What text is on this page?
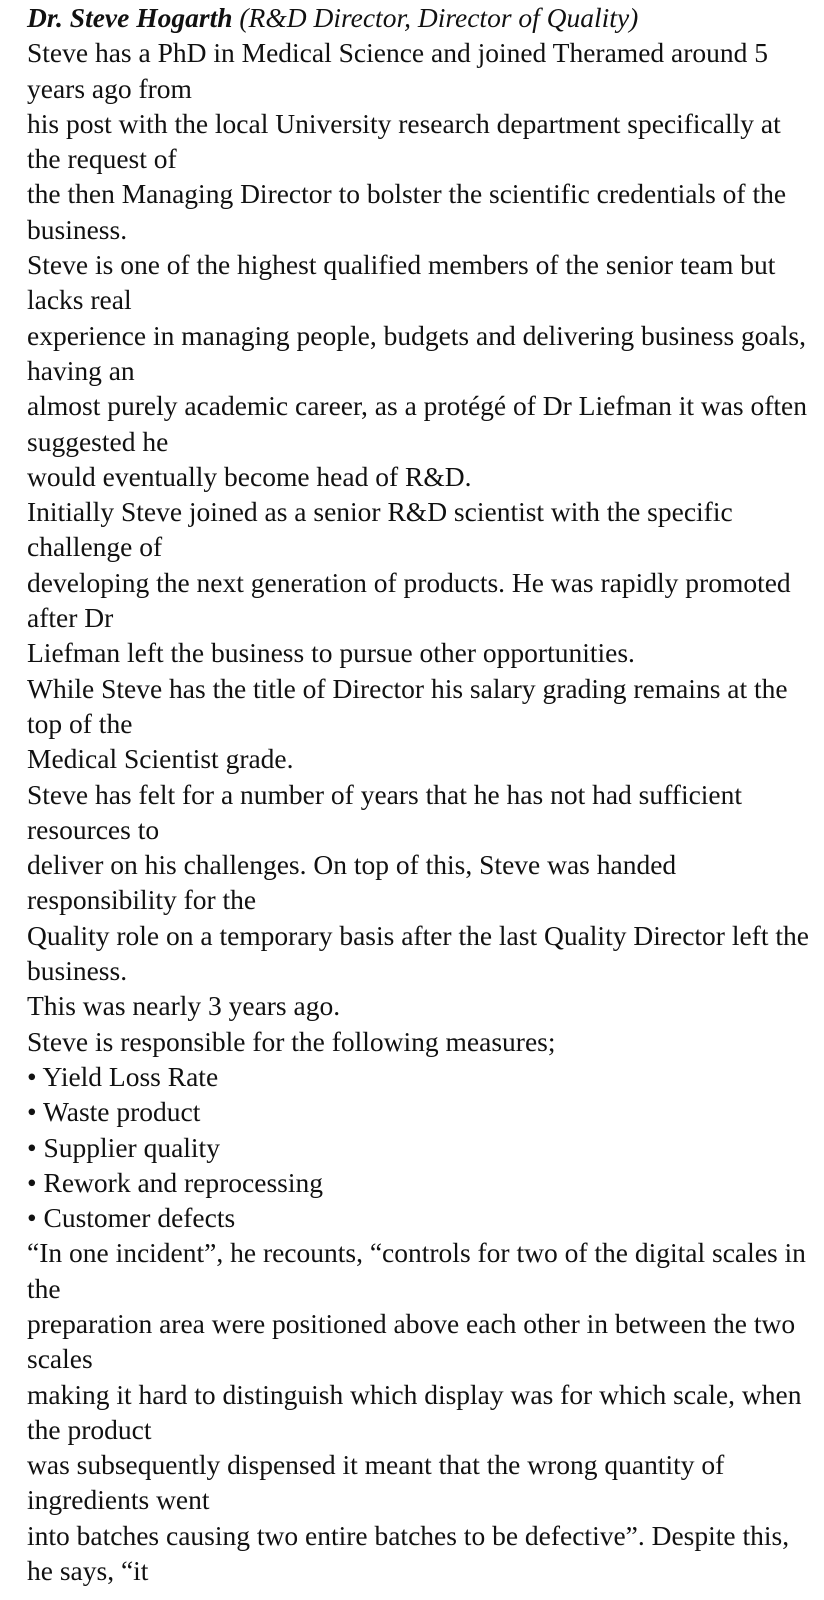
Dr. Steve Hogarth (R&D Director, Director of Quality)
Steve has a PhD in Medical Science and joined Theramed around 5 years ago from
his post with the local University research department specifically at the request of
the then Managing Director to bolster the scientific credentials of the business.
Steve is one of the highest qualified members of the senior team but lacks real
experience in managing people, budgets and delivering business goals, having an
almost purely academic career, as a protégé of Dr Liefman it was often suggested he
would eventually become head of R&D.
Initially Steve joined as a senior R&D scientist with the specific challenge of
developing the next generation of products. He was rapidly promoted after Dr
Liefman left the business to pursue other opportunities.
While Steve has the title of Director his salary grading remains at the top of the
Medical Scientist grade.
Steve has felt for a number of years that he has not had sufficient resources to
deliver on his challenges. On top of this, Steve was handed responsibility for the
Quality role on a temporary basis after the last Quality Director left the business.
This was nearly 3 years ago.
Steve is responsible for the following measures;
• Yield Loss Rate
• Waste product
• Supplier quality
• Rework and reprocessing
• Customer defects
“In one incident”, he recounts, “controls for two of the digital scales in the
preparation area were positioned above each other in between the two scales
making it hard to distinguish which display was for which scale, when the product
was subsequently dispensed it meant that the wrong quantity of ingredients went
into batches causing two entire batches to be defective”. Despite this, he says, “it
